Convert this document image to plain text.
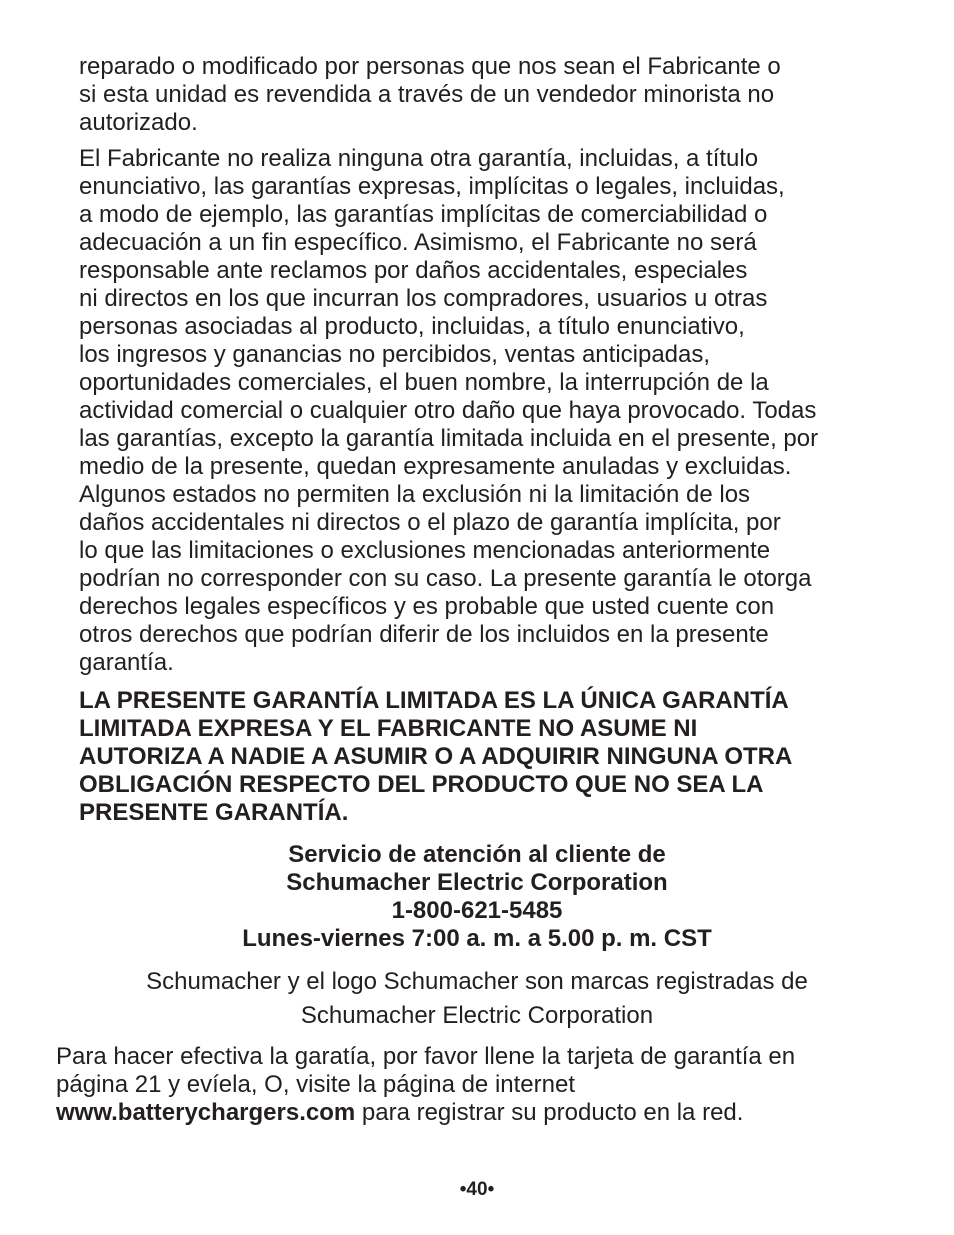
reparado o modificado por personas que nos sean el Fabricante o
si esta unidad es revendida a través de un vendedor minorista no
autorizado.
El Fabricante no realiza ninguna otra garantía, incluidas, a título
enunciativo, las garantías expresas, implícitas o legales, incluidas,
a modo de ejemplo, las garantías implícitas de comerciabilidad o
adecuación a un fin específico. Asimismo, el Fabricante no será
responsable ante reclamos por daños accidentales, especiales
ni directos en los que incurran los compradores, usuarios u otras
personas asociadas al producto, incluidas, a título enunciativo,
los ingresos y ganancias no percibidos, ventas anticipadas,
oportunidades comerciales, el buen nombre, la interrupción de la
actividad comercial o cualquier otro daño que haya provocado. Todas
las garantías, excepto la garantía limitada incluida en el presente, por
medio de la presente, quedan expresamente anuladas y excluidas.
Algunos estados no permiten la exclusión ni la limitación de los
daños accidentales ni directos o el plazo de garantía implícita, por
lo que las limitaciones o exclusiones mencionadas anteriormente
podrían no corresponder con su caso. La presente garantía le otorga
derechos legales específicos y es probable que usted cuente con
otros derechos que podrían diferir de los incluidos en la presente
garantía.
LA PRESENTE GARANTÍA LIMITADA ES LA ÚNICA GARANTÍA
LIMITADA EXPRESA Y EL FABRICANTE NO ASUME NI
AUTORIZA A NADIE A ASUMIR O A ADQUIRIR NINGUNA OTRA
OBLIGACIÓN RESPECTO DEL PRODUCTO QUE NO SEA LA
PRESENTE GARANTÍA.
Servicio de atención al cliente de
Schumacher Electric Corporation
1-800-621-5485
Lunes-viernes 7:00 a. m. a 5.00 p. m. CST
Schumacher y el logo Schumacher son marcas registradas de
Schumacher Electric Corporation
Para hacer efectiva la garatía, por favor llene la tarjeta de garantía en
página 21 y evíela, O, visite la página de internet
www.batterychargers.com para registrar su producto en la red.
•40•
